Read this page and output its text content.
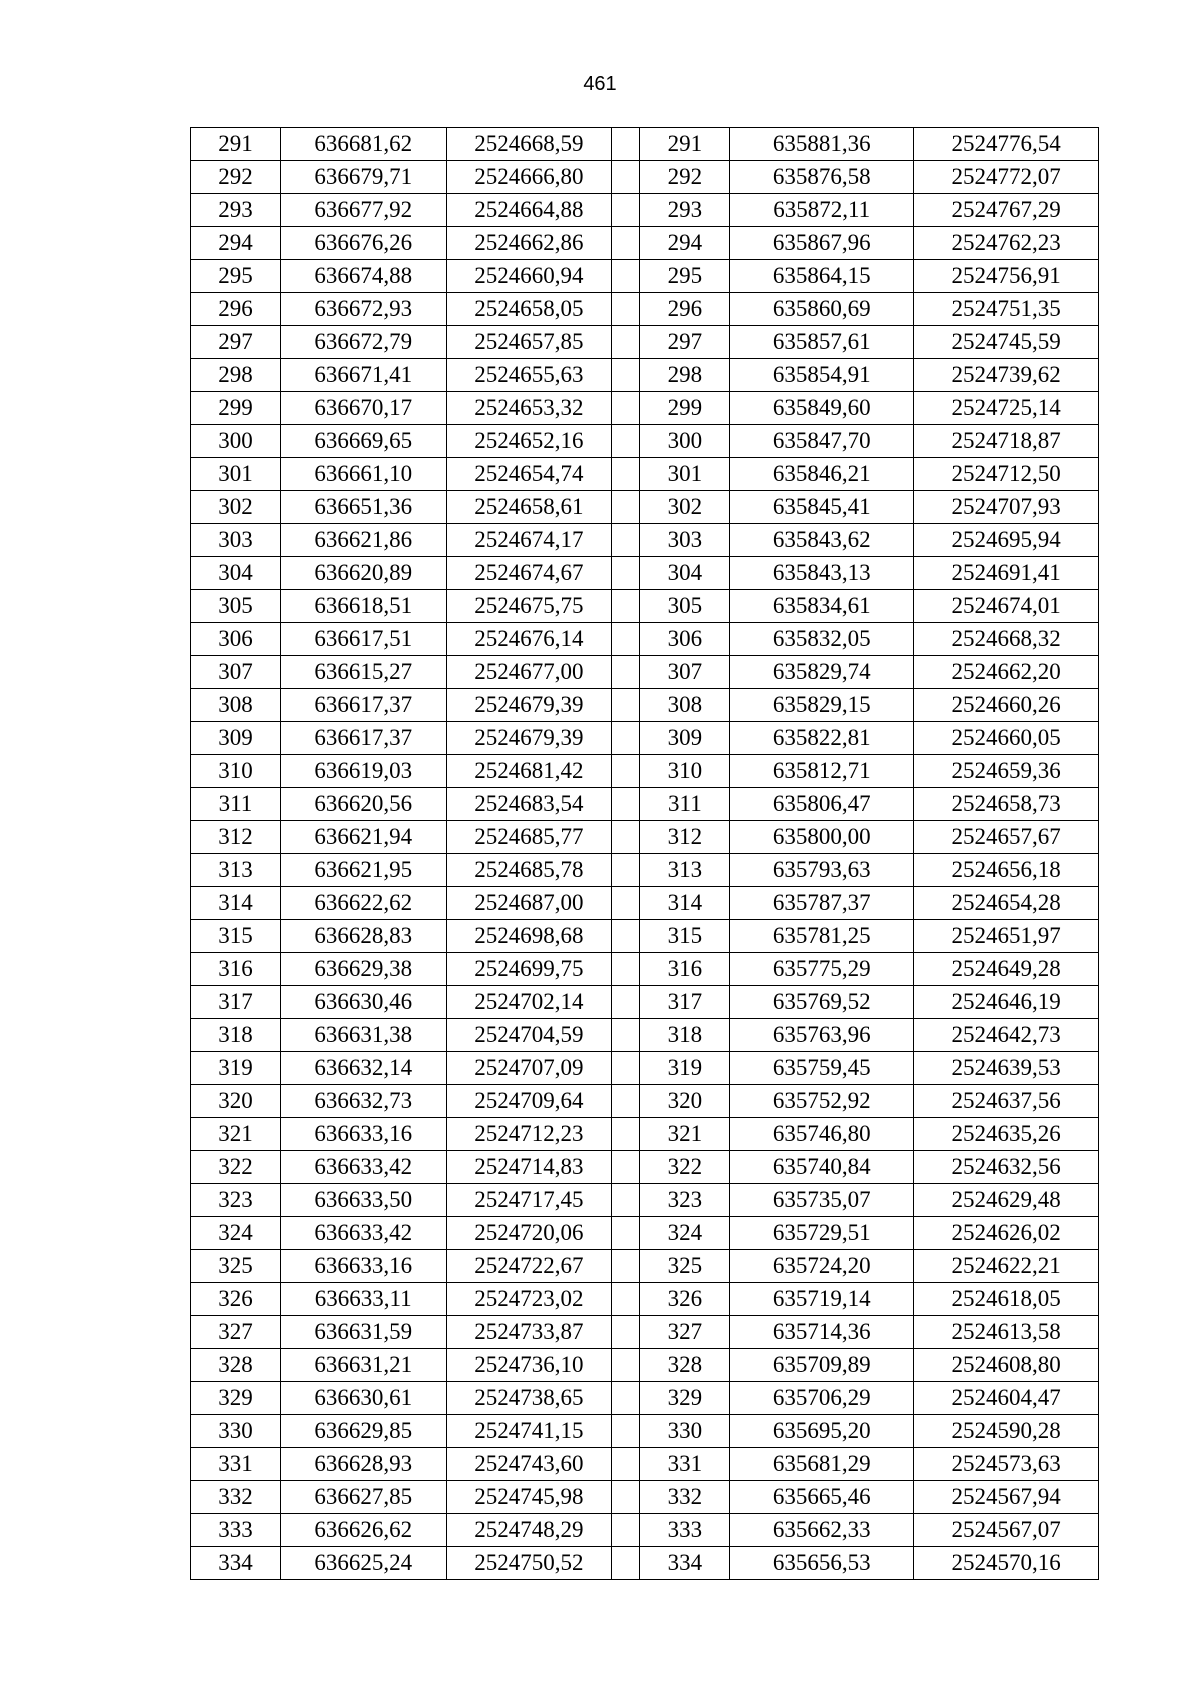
461
291	636681,62	2524668,59		291	635881,36	2524776,54
292	636679,71	2524666,80		292	635876,58	2524772,07
293	636677,92	2524664,88		293	635872,11	2524767,29
294	636676,26	2524662,86		294	635867,96	2524762,23
295	636674,88	2524660,94		295	635864,15	2524756,91
296	636672,93	2524658,05		296	635860,69	2524751,35
297	636672,79	2524657,85		297	635857,61	2524745,59
298	636671,41	2524655,63		298	635854,91	2524739,62
299	636670,17	2524653,32		299	635849,60	2524725,14
300	636669,65	2524652,16		300	635847,70	2524718,87
301	636661,10	2524654,74		301	635846,21	2524712,50
302	636651,36	2524658,61		302	635845,41	2524707,93
303	636621,86	2524674,17		303	635843,62	2524695,94
304	636620,89	2524674,67		304	635843,13	2524691,41
305	636618,51	2524675,75		305	635834,61	2524674,01
306	636617,51	2524676,14		306	635832,05	2524668,32
307	636615,27	2524677,00		307	635829,74	2524662,20
308	636617,37	2524679,39		308	635829,15	2524660,26
309	636617,37	2524679,39		309	635822,81	2524660,05
310	636619,03	2524681,42		310	635812,71	2524659,36
311	636620,56	2524683,54		311	635806,47	2524658,73
312	636621,94	2524685,77		312	635800,00	2524657,67
313	636621,95	2524685,78		313	635793,63	2524656,18
314	636622,62	2524687,00		314	635787,37	2524654,28
315	636628,83	2524698,68		315	635781,25	2524651,97
316	636629,38	2524699,75		316	635775,29	2524649,28
317	636630,46	2524702,14		317	635769,52	2524646,19
318	636631,38	2524704,59		318	635763,96	2524642,73
319	636632,14	2524707,09		319	635759,45	2524639,53
320	636632,73	2524709,64		320	635752,92	2524637,56
321	636633,16	2524712,23		321	635746,80	2524635,26
322	636633,42	2524714,83		322	635740,84	2524632,56
323	636633,50	2524717,45		323	635735,07	2524629,48
324	636633,42	2524720,06		324	635729,51	2524626,02
325	636633,16	2524722,67		325	635724,20	2524622,21
326	636633,11	2524723,02		326	635719,14	2524618,05
327	636631,59	2524733,87		327	635714,36	2524613,58
328	636631,21	2524736,10		328	635709,89	2524608,80
329	636630,61	2524738,65		329	635706,29	2524604,47
330	636629,85	2524741,15		330	635695,20	2524590,28
331	636628,93	2524743,60		331	635681,29	2524573,63
332	636627,85	2524745,98		332	635665,46	2524567,94
333	636626,62	2524748,29		333	635662,33	2524567,07
334	636625,24	2524750,52		334	635656,53	2524570,16
